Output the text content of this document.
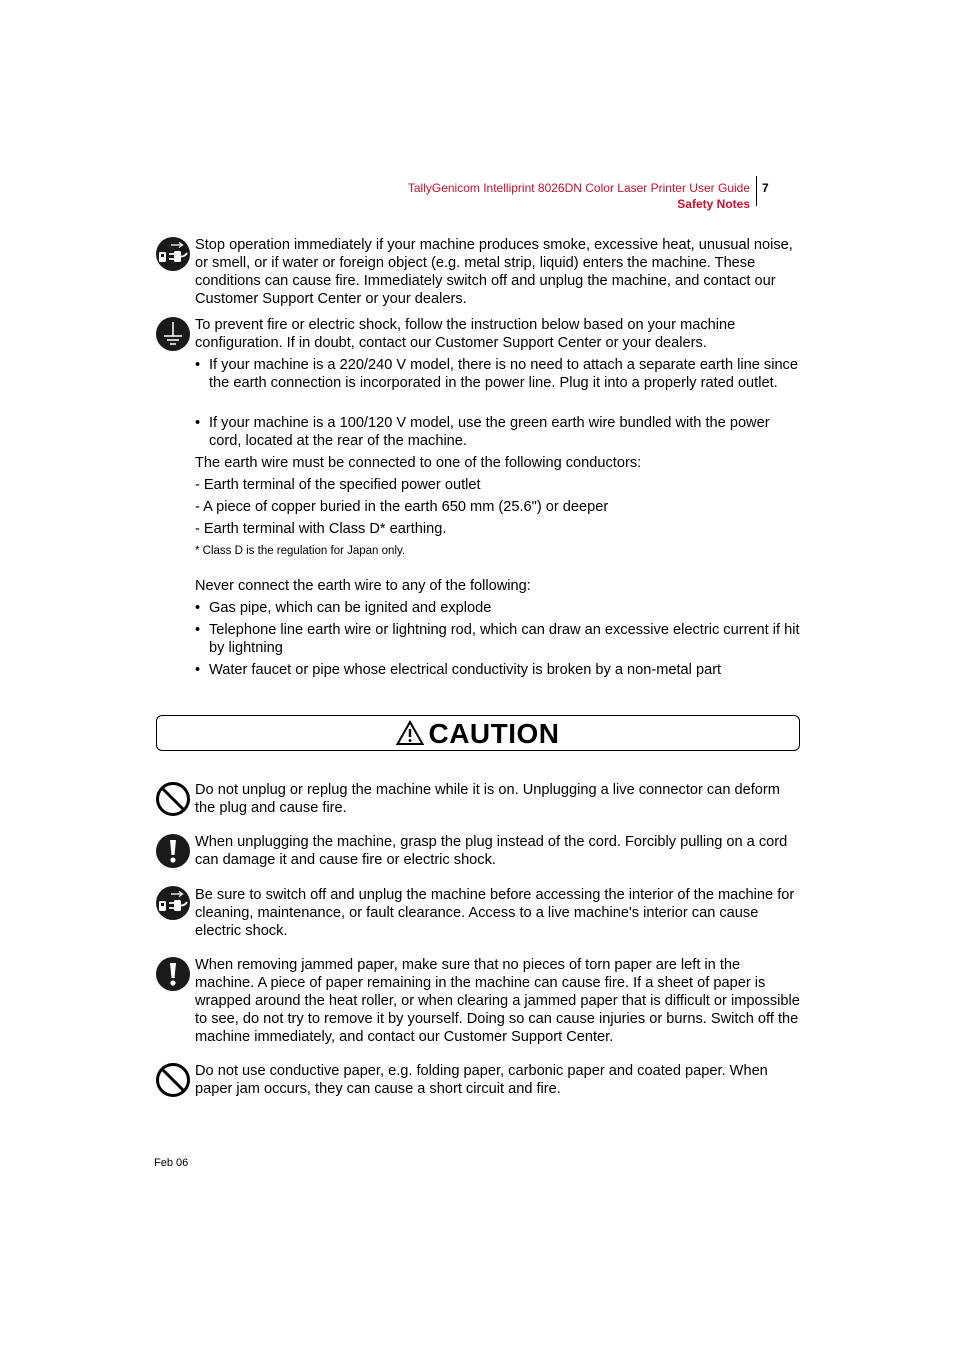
TallyGenicom Intelliprint 8026DN Color Laser Printer User Guide
Safety Notes
7
Stop operation immediately if your machine produces smoke, excessive heat, unusual noise, or smell, or if water or foreign object (e.g. metal strip, liquid) enters the machine. These conditions can cause fire. Immediately switch off and unplug the machine, and contact our Customer Support Center or your dealers.
To prevent fire or electric shock, follow the instruction below based on your machine configuration. If in doubt, contact our Customer Support Center or your dealers.
• If your machine is a 220/240 V model, there is no need to attach a separate earth line since the earth connection is incorporated in the power line. Plug it into a properly rated outlet.
• If your machine is a 100/120 V model, use the green earth wire bundled with the power cord, located at the rear of the machine.
The earth wire must be connected to one of the following conductors:
- Earth terminal of the specified power outlet
- A piece of copper buried in the earth 650 mm (25.6") or deeper
- Earth terminal with Class D* earthing.
* Class D is the regulation for Japan only.
Never connect the earth wire to any of the following:
• Gas pipe, which can be ignited and explode
• Telephone line earth wire or lightning rod, which can draw an excessive electric current if hit by lightning
• Water faucet or pipe whose electrical conductivity is broken by a non-metal part
CAUTION
Do not unplug or replug the machine while it is on. Unplugging a live connector can deform the plug and cause fire.
When unplugging the machine, grasp the plug instead of the cord. Forcibly pulling on a cord can damage it and cause fire or electric shock.
Be sure to switch off and unplug the machine before accessing the interior of the machine for cleaning, maintenance, or fault clearance. Access to a live machine's interior can cause electric shock.
When removing jammed paper, make sure that no pieces of torn paper are left in the machine. A piece of paper remaining in the machine can cause fire. If a sheet of paper is wrapped around the heat roller, or when clearing a jammed paper that is difficult or impossible to see, do not try to remove it by yourself. Doing so can cause injuries or burns. Switch off the machine immediately, and contact our Customer Support Center.
Do not use conductive paper, e.g. folding paper, carbonic paper and coated paper. When paper jam occurs, they can cause a short circuit and fire.
Feb 06
